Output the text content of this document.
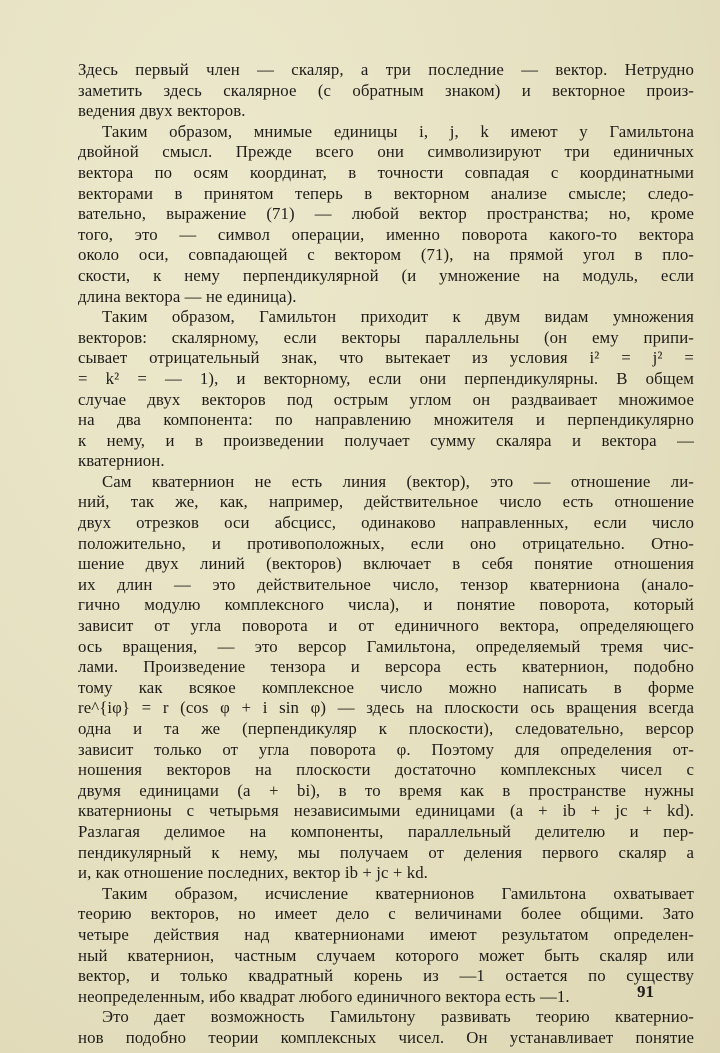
Здесь первый член — скаляр, а три последние — вектор. Нетрудно
заметить здесь скалярное (с обратным знаком) и векторное произ-
ведения двух векторов.
Таким образом, мнимые единицы i, j, k имеют у Гамильтона
двойной смысл. Прежде всего они символизируют три единичных
вектора по осям координат, в точности совпадая с координатными
векторами в принятом теперь в векторном анализе смысле; следо-
вательно, выражение (71) — любой вектор пространства; но, кроме
того, это — символ операции, именно поворота какого-то вектора
около оси, совпадающей с вектором (71), на прямой угол в пло-
скости, к нему перпендикулярной (и умножение на модуль, если
длина вектора — не единица).
Таким образом, Гамильтон приходит к двум видам умножения
векторов: скалярному, если векторы параллельны (он ему припи-
сывает отрицательный знак, что вытекает из условия i² = j² =
= k² = — 1), и векторному, если они перпендикулярны. В общем
случае двух векторов под острым углом он раздваивает множимое
на два компонента: по направлению множителя и перпендикулярно
к нему, и в произведении получает сумму скаляра и вектора —
кватернион.
Сам кватернион не есть линия (вектор), это — отношение ли-
ний, так же, как, например, действительное число есть отношение
двух отрезков оси абсцисс, одинаково направленных, если число
положительно, и противоположных, если оно отрицательно. Отно-
шение двух линий (векторов) включает в себя понятие отношения
их длин — это действительное число, тензор кватерниона (анало-
гично модулю комплексного числа), и понятие поворота, который
зависит от угла поворота и от единичного вектора, определяющего
ось вращения, — это версор Гамильтона, определяемый тремя чис-
лами. Произведение тензора и версора есть кватернион, подобно
тому как всякое комплексное число можно написать в форме
re^{iφ} = r (cos φ + i sin φ) — здесь на плоскости ось вращения всегда
одна и та же (перпендикуляр к плоскости), следовательно, версор
зависит только от угла поворота φ. Поэтому для определения от-
ношения векторов на плоскости достаточно комплексных чисел с
двумя единицами (a + bi), в то время как в пространстве нужны
кватернионы с четырьмя независимыми единицами (a + ib + jc + kd).
Разлагая делимое на компоненты, параллельный делителю и пер-
пендикулярный к нему, мы получаем от деления первого скаляр a
и, как отношение последних, вектор ib + jc + kd.
Таким образом, исчисление кватернионов Гамильтона охватывает
теорию векторов, но имеет дело с величинами более общими. Зато
четыре действия над кватернионами имеют результатом определен-
ный кватернион, частным случаем которого может быть скаляр или
вектор, и только квадратный корень из —1 остается по существу
неопределенным, ибо квадрат любого единичного вектора есть —1.
Это дает возможность Гамильтону развивать теорию кватернио-
нов подобно теории комплексных чисел. Он устанавливает понятие
91
